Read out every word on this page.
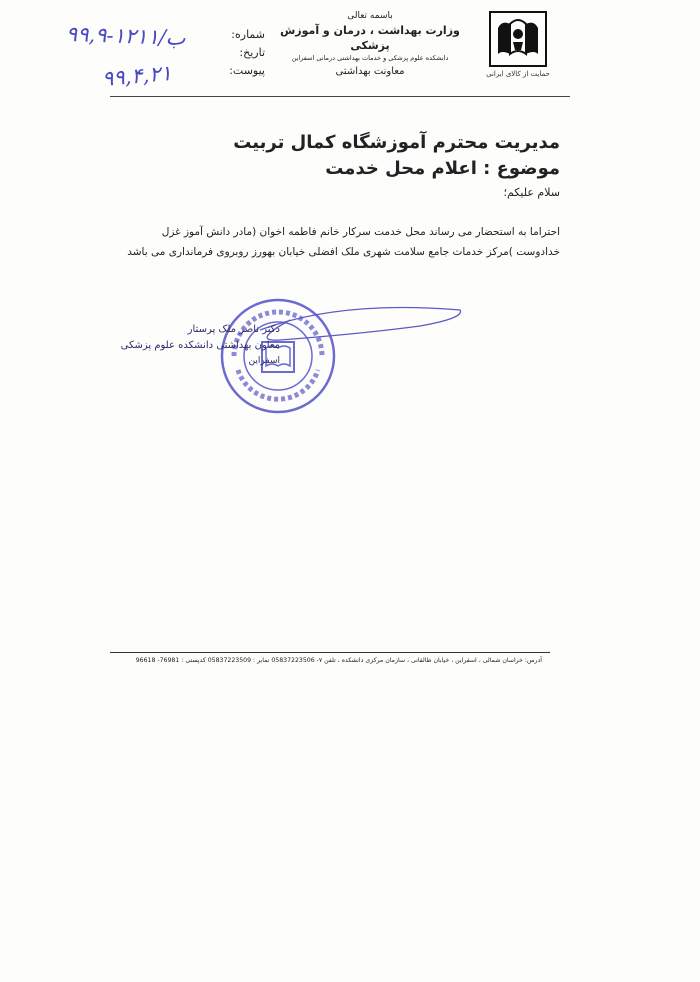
حمایت از کالای ایرانی
باسمه تعالی
وزارت بهداشت ، درمان و آموزش پزشکی
دانشکده علوم پزشکی و خدمات بهداشتی درمانی اسفراین
معاونت بهداشتی
شماره:
تاریخ:
پیوست:
۹۹,۹-ب/۱۲۱۱
۹۹,۴,۲۱
مدیریت محترم آموزشگاه کمال تربیت
موضوع : اعلام محل خدمت
سلام علیکم؛
احتراما به استحضار می رساند محل خدمت سرکار خانم فاطمه اخوان (مادر دانش آموز غزل خدادوست )مرکز خدمات جامع سلامت شهری ملک افضلی خیابان بهورز روبروی فرمانداری می باشد
دکتر ناصر ملک پرستار
معاون بهداشتی دانشکده علوم پزشکی
اسفراین
آدرس: خراسان شمالی ، اسفراین ، خیابان طالقانی ، سازمان مرکزی دانشکده ، تلفن ۷- 05837223506 نمابر : 05837223509 کدپستی : 76981- 96618
